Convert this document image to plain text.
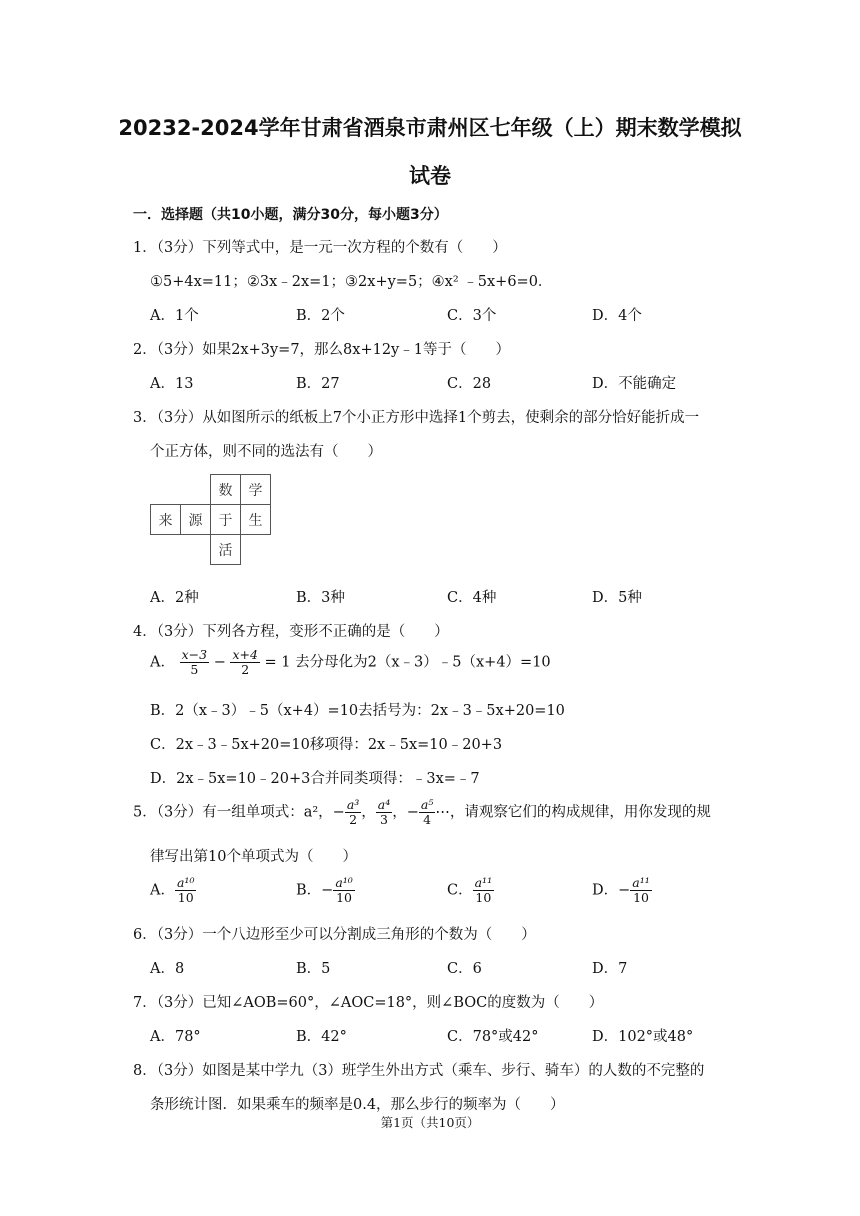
20232-2024学年甘肃省酒泉市肃州区七年级（上）期末数学模拟
试卷
一．选择题（共10小题，满分30分，每小题3分）
1．（3分）下列等式中，是一元一次方程的个数有（　　）
①5+4x=11；②3x﹣2x=1；③2x+y=5；④x² ﹣5x+6=0．
A．1个	B．2个	C．3个	D．4个
2．（3分）如果2x+3y=7，那么8x+12y﹣1等于（　　）
A．13	B．27	C．28	D．不能确定
3．（3分）从如图所示的纸板上7个小正方形中选择1个剪去，使剩余的部分恰好能折成一
个正方体，则不同的选法有（　　）
		数	学
来	源	于	生
		活	
A．2种	B．3种	C．4种	D．5种
4．（3分）下列各方程，变形不正确的是（　　）
A． $\frac{x-3}{5} - \frac{x+4}{2} = 1$ 去分母化为2（x﹣3）﹣5（x+4）=10
B．2（x﹣3）﹣5（x+4）=10去括号为：2x﹣3﹣5x+20=10
C．2x﹣3﹣5x+20=10移项得：2x﹣5x=10﹣20+3
D．2x﹣5x=10﹣20+3合并同类项得：﹣3x=﹣7
5．（3分）有一组单项式：a²，− $\frac{\text{a³}}{2}$ ， $\frac{\text{a⁴}}{3}$ ，− $\frac{\text{a⁵}}{4}$ ⋯，请观察它们的构成规律，用你发现的规
律写出第10个单项式为（　　）
A． $\frac{\text{a¹⁰}}{10}$	B．− $\frac{\text{a¹⁰}}{10}$	C． $\frac{\text{a¹¹}}{10}$	D．− $\frac{\text{a¹¹}}{10}$
6．（3分）一个八边形至少可以分割成三角形的个数为（　　）
A．8	B．5	C．6	D．7
7．（3分）已知∠AOB=60°，∠AOC=18°，则∠BOC的度数为（　　）
A．78°	B．42°	C．78°或42°	D．102°或48°
8．（3分）如图是某中学九（3）班学生外出方式（乘车、步行、骑车）的人数的不完整的
条形统计图．如果乘车的频率是0.4，那么步行的频率为（　　）
第1页（共10页）
